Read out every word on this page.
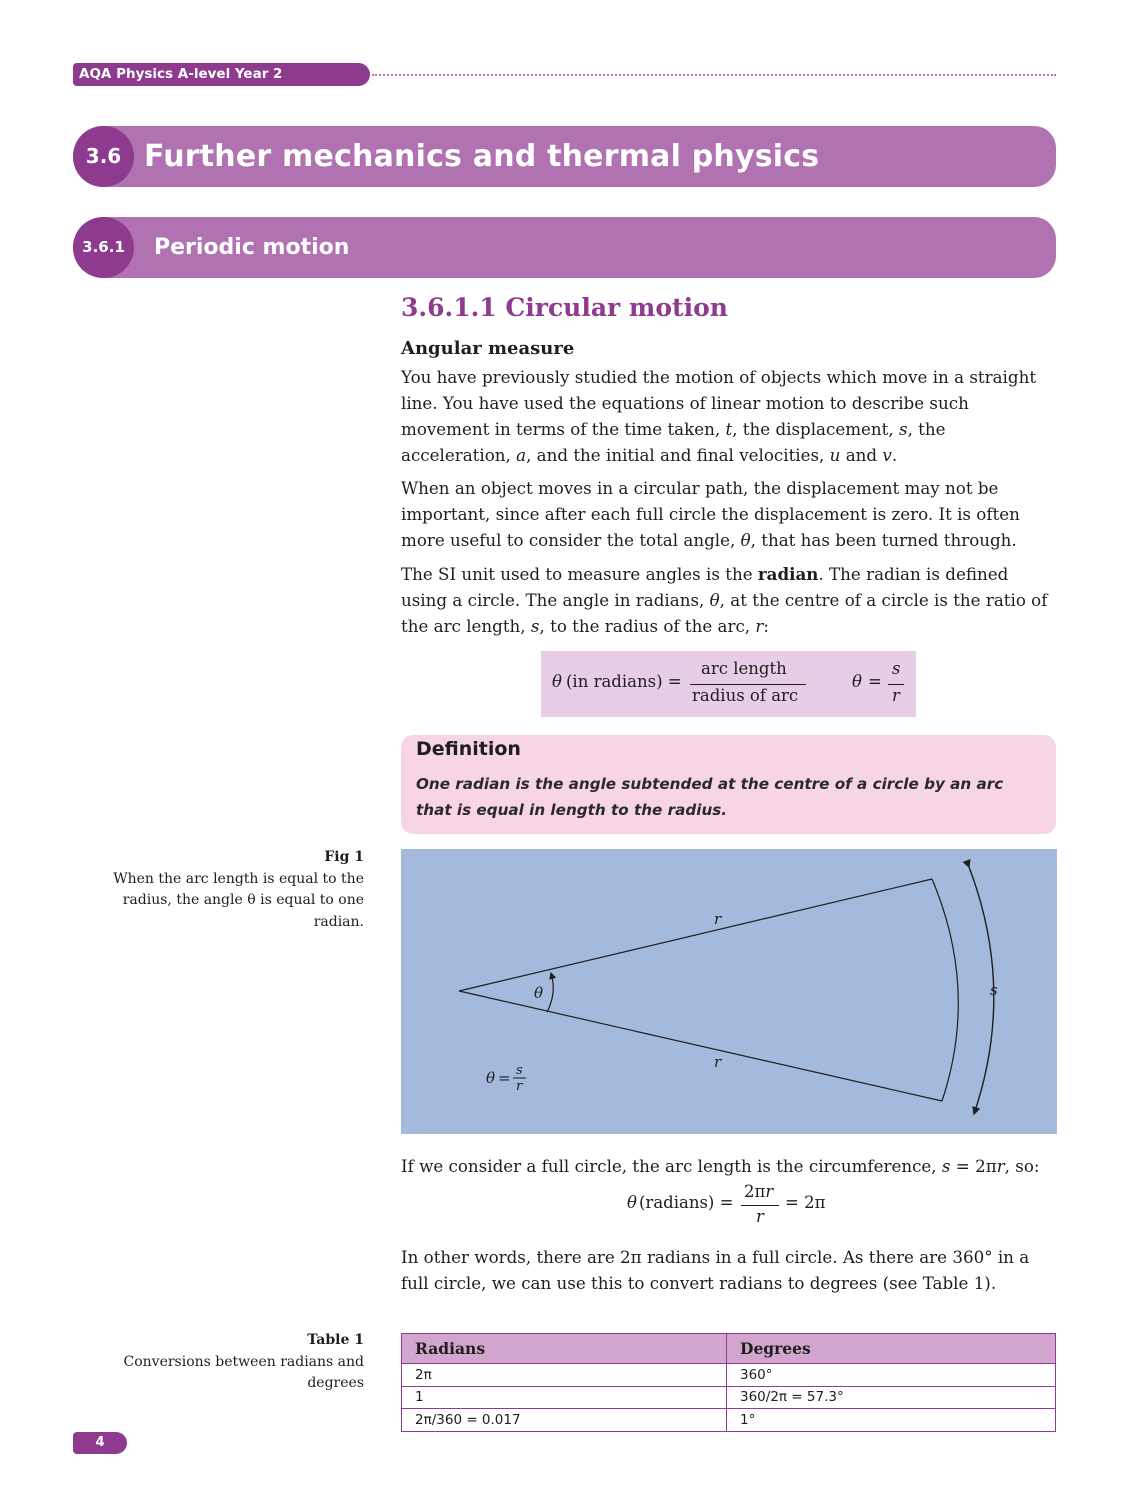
AQA Physics A-level Year 2
3.6 Further mechanics and thermal physics
3.6.1	Periodic motion
3.6.1.1 Circular motion
Angular measure

You have previously studied the motion of objects which move in a straight line. You have used the equations of linear motion to describe such movement in terms of the time taken, t, the displacement, s, the acceleration, a, and the initial and final velocities, u and v.

When an object moves in a circular path, the displacement may not be important, since after each full circle the displacement is zero. It is often more useful to consider the total angle, θ, that has been turned through.

The SI unit used to measure angles is the radian. The radian is defined using a circle. The angle in radians, θ, at the centre of a circle is the ratio of the arc length, s, to the radius of the arc, r:

θ (in radians) =
arc length
radius of arc
θ =
s
r
Definition
One radian is the angle subtended at the centre of a circle by an arc that is equal in length to the radius.
Fig 1
When the arc length is equal to the radius, the angle θ is equal to one radian.	r
r
θ	s
θ = s
r

If we consider a full circle, the arc length is the circumference, s = 2πr, so:

θ (radians) =
2πr
r
= 2π

In other words, there are 2π radians in a full circle. As there are 360° in a full circle, we can use this to convert radians to degrees (see Table 1).

Table 1
Conversions between radians and degrees
Radians	Degrees
2π	360°
1	360/2π = 57.3°
2π/360 = 0.017	1°
4
